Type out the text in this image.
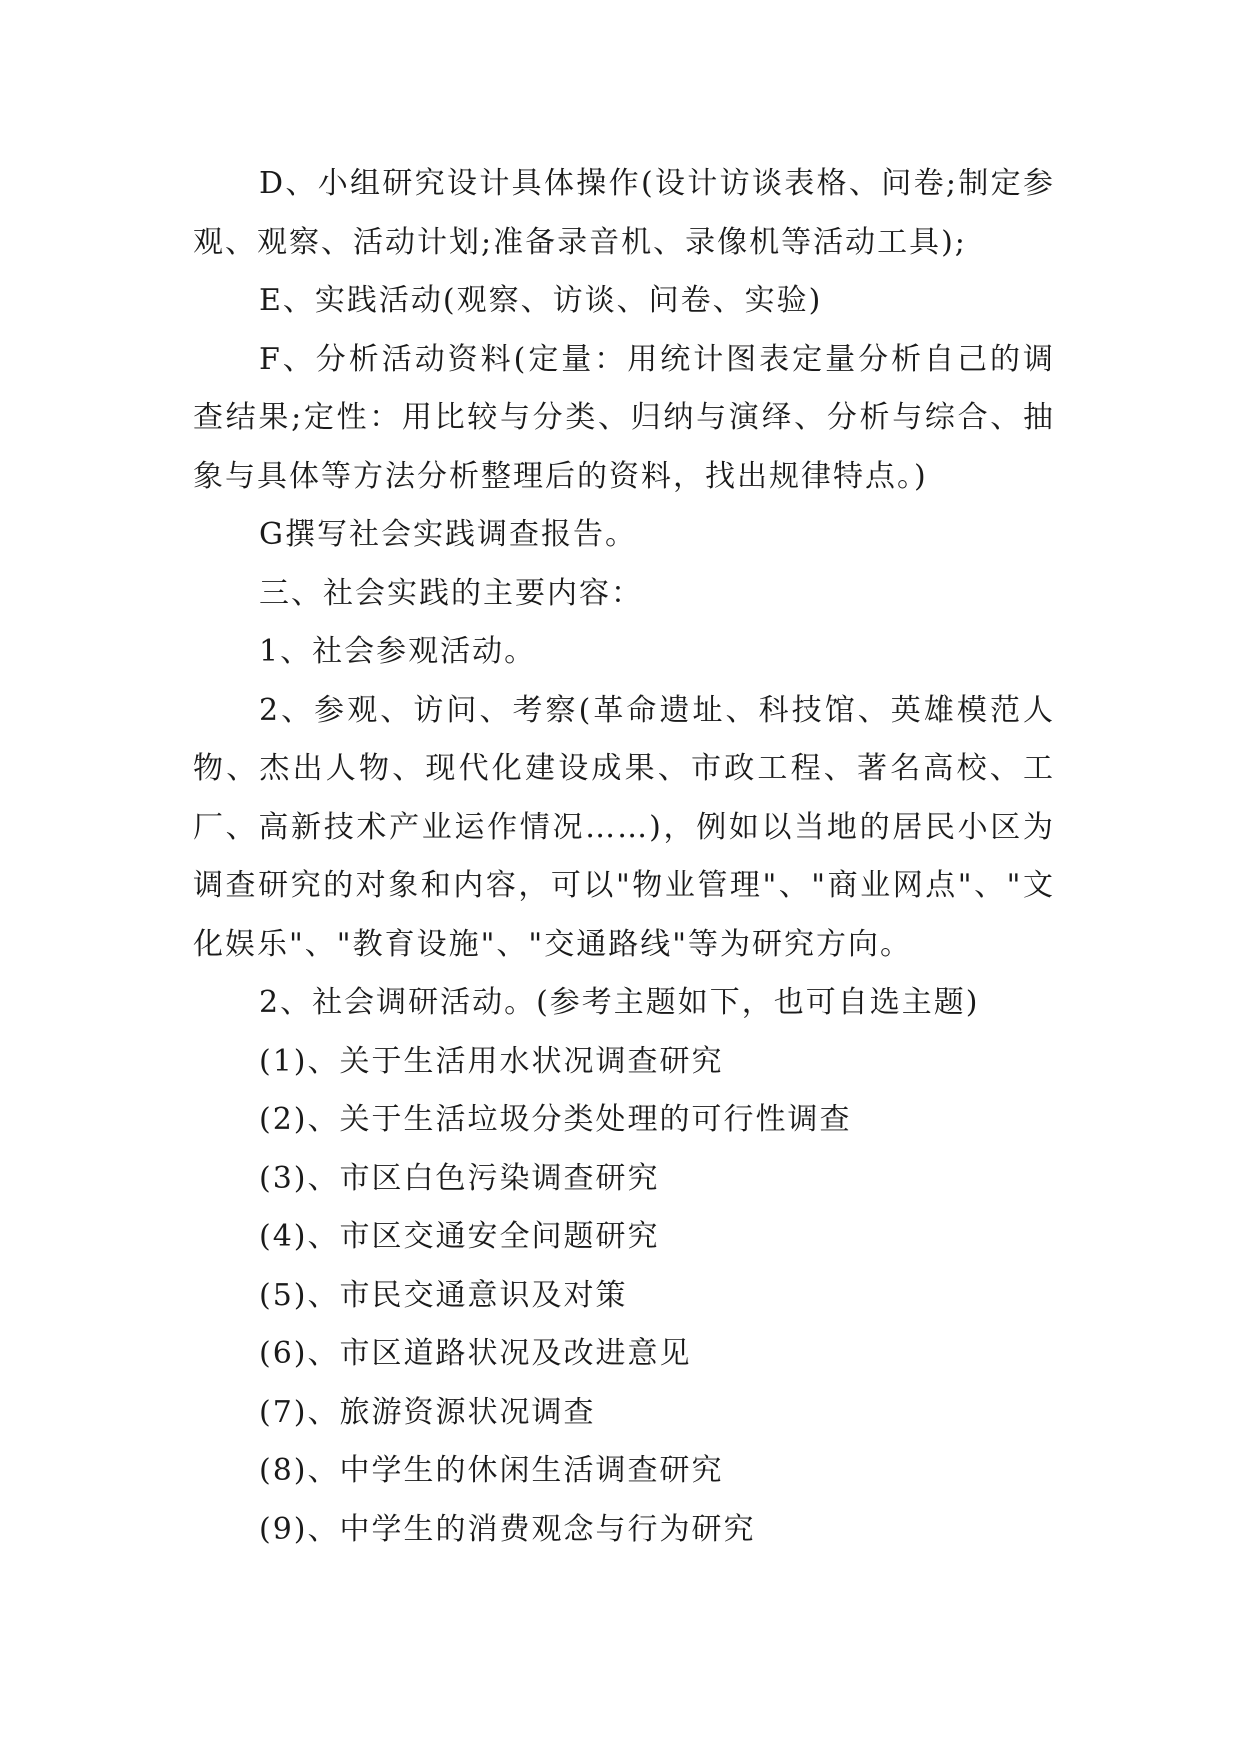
D、小组研究设计具体操作(设计访谈表格、问卷;制定参观、观察、活动计划;准备录音机、录像机等活动工具);

E、实践活动(观察、访谈、问卷、实验)

F、分析活动资料(定量：用统计图表定量分析自己的调查结果;定性：用比较与分类、归纳与演绎、分析与综合、抽象与具体等方法分析整理后的资料，找出规律特点。)

G撰写社会实践调查报告。

三、社会实践的主要内容：

1、社会参观活动。

2、参观、访问、考察(革命遗址、科技馆、英雄模范人物、杰出人物、现代化建设成果、市政工程、著名高校、工厂、高新技术产业运作情况……)，例如以当地的居民小区为调查研究的对象和内容，可以"物业管理"、"商业网点"、"文化娱乐"、"教育设施"、"交通路线"等为研究方向。

2、社会调研活动。(参考主题如下，也可自选主题)

(1)、关于生活用水状况调查研究

(2)、关于生活垃圾分类处理的可行性调查

(3)、市区白色污染调查研究

(4)、市区交通安全问题研究

(5)、市民交通意识及对策

(6)、市区道路状况及改进意见

(7)、旅游资源状况调查

(8)、中学生的休闲生活调查研究

(9)、中学生的消费观念与行为研究
